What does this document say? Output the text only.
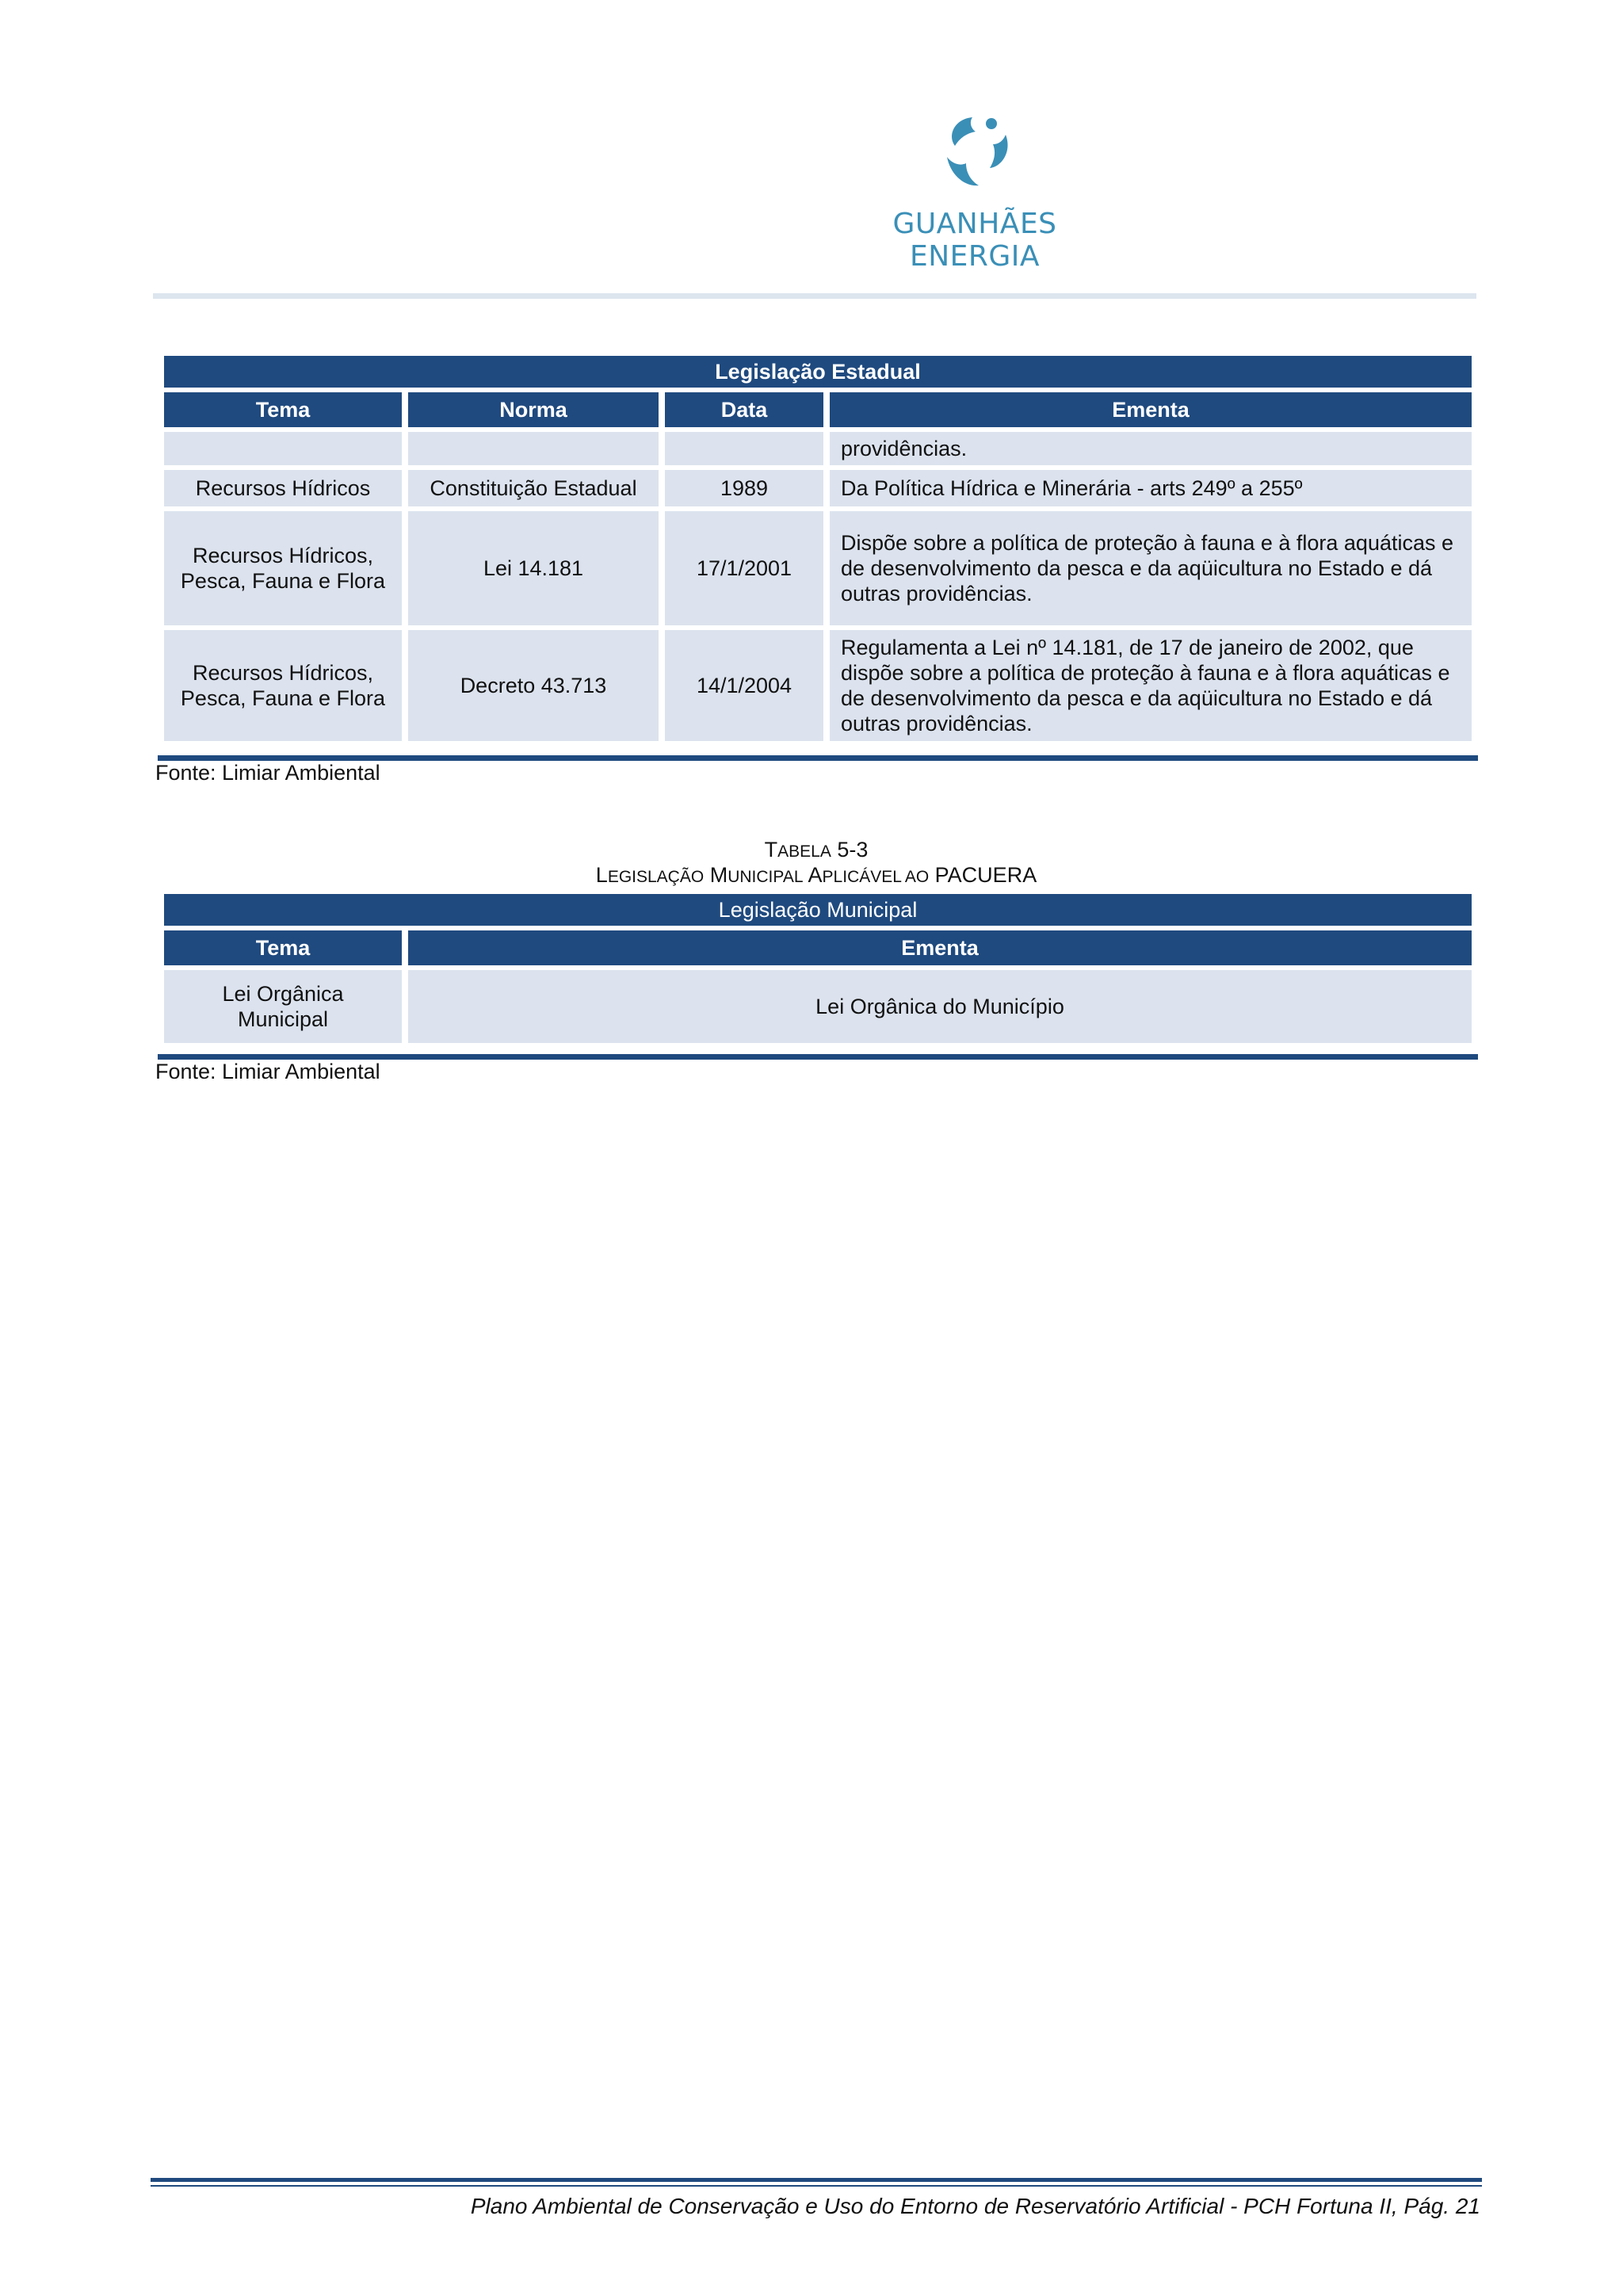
GUANHÃES ENERGIA
Legislação Estadual			
Tema	Norma	Data	Ementa
			providências.
Recursos Hídricos	Constituição Estadual	1989	Da Política Hídrica e Minerária - arts 249º a 255º
Recursos Hídricos, Pesca, Fauna e Flora	Lei 14.181	17/1/2001	Dispõe sobre a política de proteção à fauna e à flora aquáticas e de desenvolvimento da pesca e da aqüicultura no Estado e dá outras providências.
Recursos Hídricos, Pesca, Fauna e Flora	Decreto 43.713	14/1/2004	Regulamenta a Lei nº 14.181, de 17 de janeiro de 2002, que dispõe sobre a política de proteção à fauna e à flora aquáticas e de desenvolvimento da pesca e da aqüicultura no Estado e dá outras providências.
Fonte: Limiar Ambiental
TABELA 5-3
LEGISLAÇÃO MUNICIPAL APLICÁVEL AO PACUERA
Legislação Municipal	
Tema	Ementa
Lei Orgânica Municipal	Lei Orgânica do Município
Fonte: Limiar Ambiental
Plano Ambiental de Conservação e Uso do Entorno de Reservatório Artificial - PCH Fortuna II, Pág. 21
